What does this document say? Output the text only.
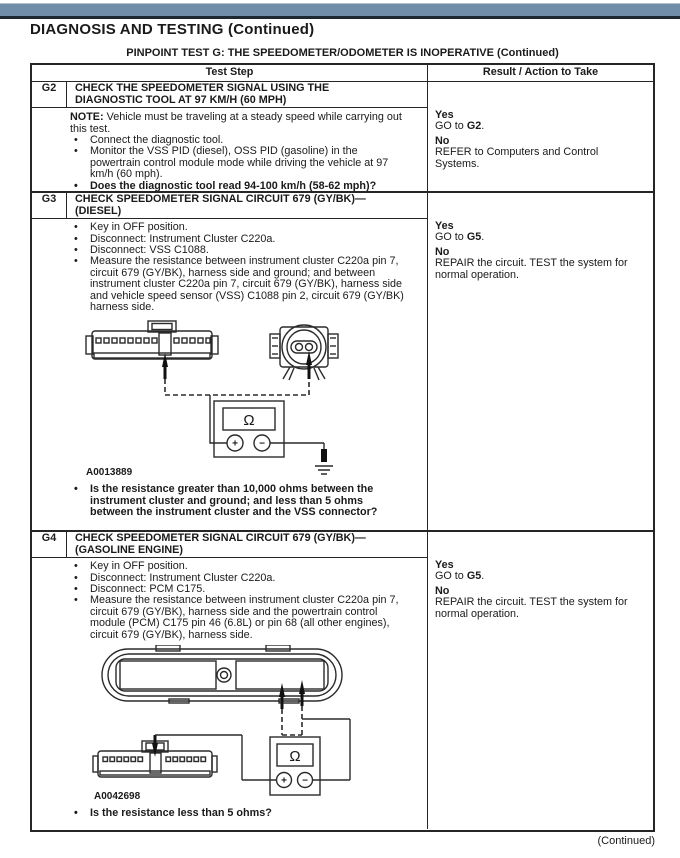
DIAGNOSIS AND TESTING (Continued)
PINPOINT TEST G: THE SPEEDOMETER/ODOMETER IS INOPERATIVE (Continued)
Test Step	Result / Action to Take
G2	CHECK THE SPEEDOMETER SIGNAL USING THE DIAGNOSTIC TOOL AT 97 KM/H (60 MPH)
NOTE: Vehicle must be traveling at a steady speed while carrying out this test.
• Connect the diagnostic tool.
• Monitor the VSS PID (diesel), OSS PID (gasoline) in the powertrain control module mode while driving the vehicle at 97 km/h (60 mph).
• Does the diagnostic tool read 94-100 km/h (58-62 mph)?
Yes
GO to G2.
No
REFER to Computers and Control Systems.
G3	CHECK SPEEDOMETER SIGNAL CIRCUIT 679 (GY/BK)—(DIESEL)
• Key in OFF position.
• Disconnect: Instrument Cluster C220a.
• Disconnect: VSS C1088.
• Measure the resistance between instrument cluster C220a pin 7, circuit 679 (GY/BK), harness side and ground; and between instrument cluster C220a pin 7, circuit 679 (GY/BK), harness side and vehicle speed sensor (VSS) C1088 pin 2, circuit 679 (GY/BK) harness side.
Ω
+ −
A0013889
• Is the resistance greater than 10,000 ohms between the instrument cluster and ground; and less than 5 ohms between the instrument cluster and the VSS connector?
Yes
GO to G5.
No
REPAIR the circuit. TEST the system for normal operation.
G4	CHECK SPEEDOMETER SIGNAL CIRCUIT 679 (GY/BK)—(GASOLINE ENGINE)
• Key in OFF position.
• Disconnect: Instrument Cluster C220a.
• Disconnect: PCM C175.
• Measure the resistance between instrument cluster C220a pin 7, circuit 679 (GY/BK), harness side and the powertrain control module (PCM) C175 pin 46 (6.8L) or pin 68 (all other engines), circuit 679 (GY/BK), harness side.
Ω
+ −
A0042698
• Is the resistance less than 5 ohms?
Yes
GO to G5.
No
REPAIR the circuit. TEST the system for normal operation.
(Continued)
